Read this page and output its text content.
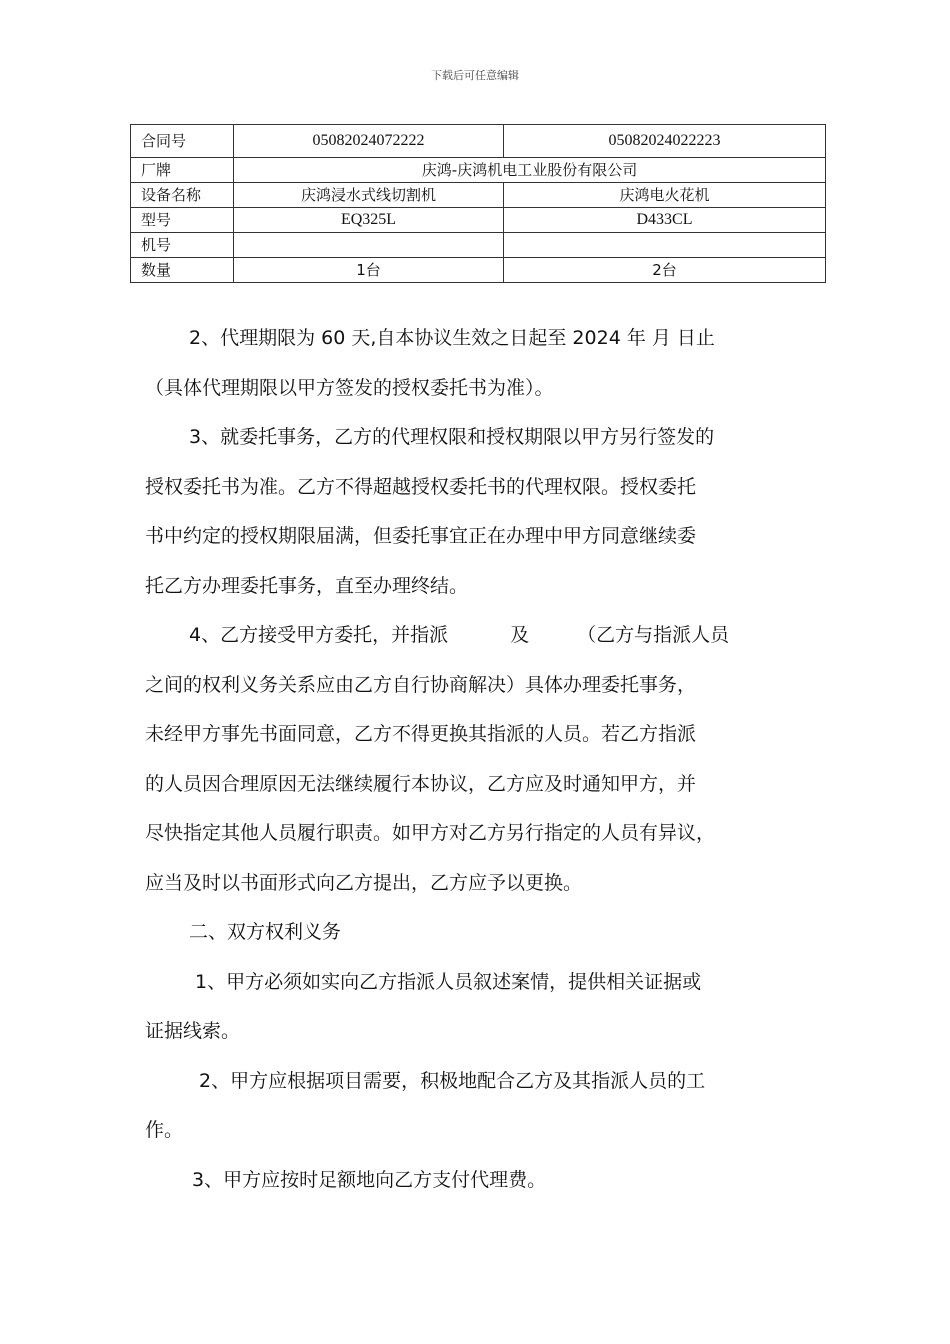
下载后可任意编辑
合同号	05082024072222	05082024022223
厂牌	庆鸿-庆鸿机电工业股份有限公司	
设备名称	庆鸿浸水式线切割机	庆鸿电火花机
型号	EQ325L	D433CL
机号		
数量	1台	2台

2、代理期限为 60 天,自本协议生效之日起至 2024 年 月 日止

（具体代理期限以甲方签发的授权委托书为准）。

3、就委托事务，乙方的代理权限和授权期限以甲方另行签发的

授权委托书为准。乙方不得超越授权委托书的代理权限。授权委托

书中约定的授权期限届满，但委托事宜正在办理中甲方同意继续委

托乙方办理委托事务，直至办理终结。

4、乙方接受甲方委托，并指派	及	（乙方与指派人员

之间的权利义务关系应由乙方自行协商解决）具体办理委托事务，

未经甲方事先书面同意，乙方不得更换其指派的人员。若乙方指派

的人员因合理原因无法继续履行本协议，乙方应及时通知甲方，并

尽快指定其他人员履行职责。如甲方对乙方另行指定的人员有异议，

应当及时以书面形式向乙方提出，乙方应予以更换。

二、双方权利义务

1、甲方必须如实向乙方指派人员叙述案情，提供相关证据或

证据线索。

2、甲方应根据项目需要，积极地配合乙方及其指派人员的工

作。

3、甲方应按时足额地向乙方支付代理费。
